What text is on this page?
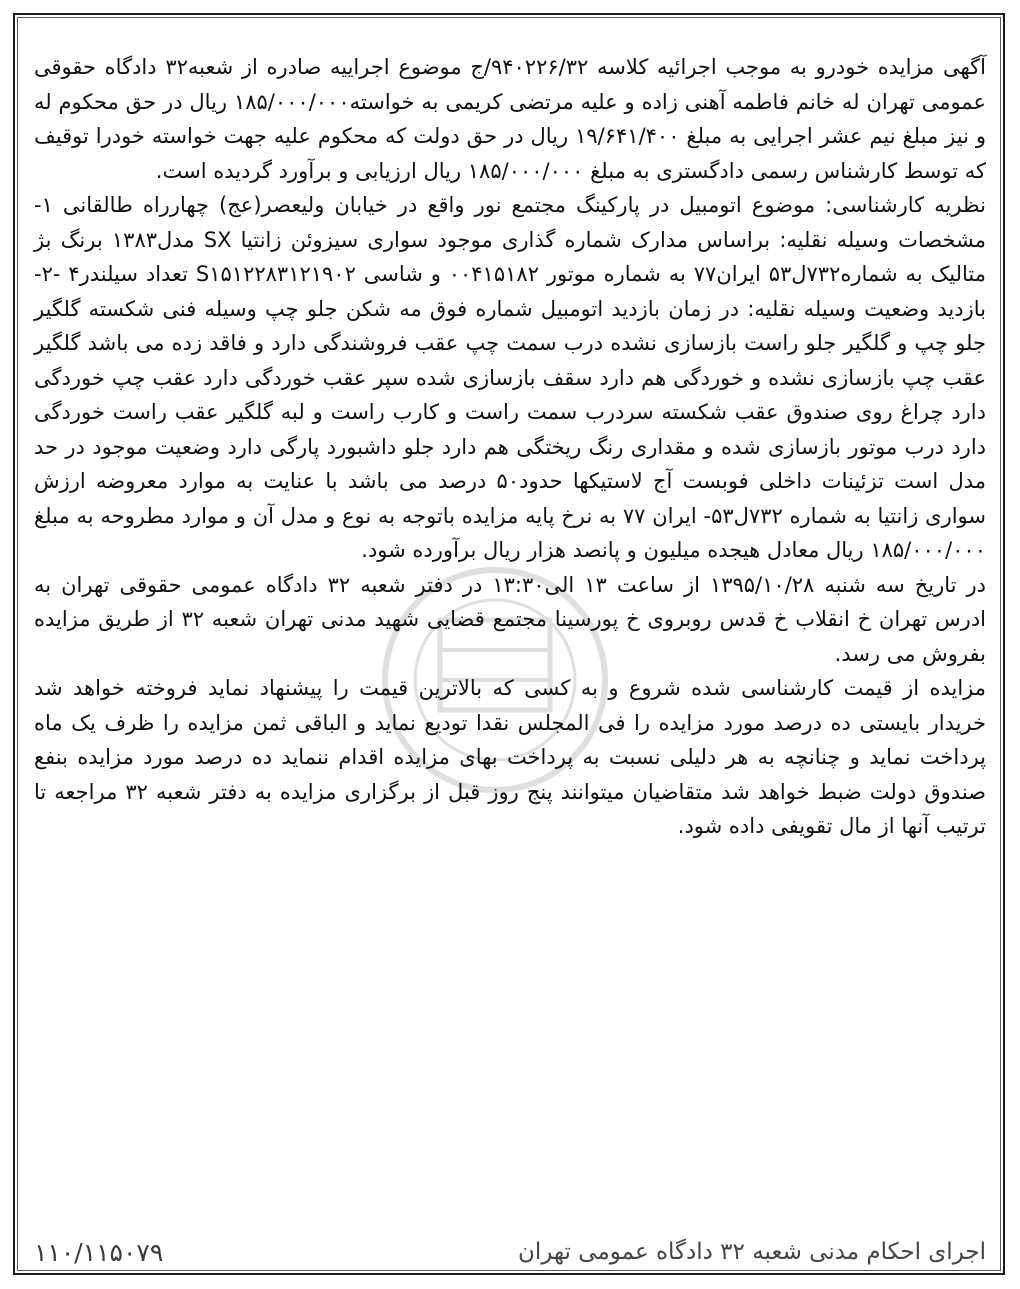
آگهی مزایده خودرو به موجب اجرائیه کلاسه ۹۴۰۲۲۶/۳۲/ج موضوع اجراییه صادره از شعبه۳۲ دادگاه حقوقی عمومی تهران له خانم فاطمه آهنی زاده و علیه مرتضی کریمی به خواسته۱۸۵/۰۰۰/۰۰۰ ریال در حق محکوم له و نیز مبلغ نیم عشر اجرایی به مبلغ ۱۹/۶۴۱/۴۰۰ ریال در حق دولت که محکوم علیه جهت خواسته خودرا توقیف که توسط کارشناس رسمی دادگستری به مبلغ ۱۸۵/۰۰۰/۰۰۰ ریال ارزیابی و برآورد گردیده است.

نظریه کارشناسی: موضوع اتومبیل در پارکینگ مجتمع نور واقع در خیابان ولیعصر(عج) چهارراه طالقانی ۱-مشخصات وسیله نقلیه: براساس مدارک شماره گذاری موجود سواری سیزوئن زانتیا SX مدل۱۳۸۳ برنگ بژ متالیک به شماره۷۳۲ل۵۳ ایران۷۷ به شماره موتور ۰۰۴۱۵۱۸۲ و شاسی S۱۵۱۲۲۸۳۱۲۱۹۰۲ تعداد سیلندر۴ -۲-بازدید وضعیت وسیله نقلیه: در زمان بازدید اتومبیل شماره فوق مه شکن جلو چپ وسیله فنی شکسته گلگیر جلو چپ و گلگیر جلو راست بازسازی نشده درب سمت چپ عقب فروشندگی دارد و فاقد زده می باشد گلگیر عقب چپ بازسازی نشده و خوردگی هم دارد سقف بازسازی شده سپر عقب خوردگی دارد عقب چپ خوردگی دارد چراغ روی صندوق عقب شکسته سردرب سمت راست و کارب راست و لبه گلگیر عقب راست خوردگی دارد درب موتور بازسازی شده و مقداری رنگ ریختگی هم دارد جلو داشبورد پارگی دارد وضعیت موجود در حد مدل است تزئینات داخلی فوبست آج لاستیکها حدود۵۰ درصد می باشد با عنایت به موارد معروضه ارزش سواری زانتیا به شماره ۷۳۲ل۵۳- ایران ۷۷ به نرخ پایه مزایده باتوجه به نوع و مدل آن و موارد مطروحه به مبلغ ۱۸۵/۰۰۰/۰۰۰ ریال معادل هیجده میلیون و پانصد هزار ریال برآورده شود.

در تاریخ سه شنبه ۱۳۹۵/۱۰/۲۸ از ساعت ۱۳ الی۱۳:۳۰ در دفتر شعبه ۳۲ دادگاه عمومی حقوقی تهران به ادرس تهران خ انقلاب خ قدس روبروی خ پورسینا مجتمع قضایی شهید مدنی تهران شعبه ۳۲ از طریق مزایده بفروش می رسد.

مزایده از قیمت کارشناسی شده شروع و به کسی که بالاترین قیمت را پیشنهاد نماید فروخته خواهد شد خریدار بایستی ده درصد مورد مزایده را فی المجلس نقدا تودیع نماید و الباقی ثمن مزایده را ظرف یک ماه پرداخت نماید و چنانچه به هر دلیلی نسبت به پرداخت بهای مزایده اقدام ننماید ده درصد مورد مزایده بنفع صندوق دولت ضبط خواهد شد متقاضیان میتوانند پنج روز قبل از برگزاری مزایده به دفتر شعبه ۳۲ مراجعه تا ترتیب آنها از مال تقویفی داده شود.

اجرای احکام مدنی شعبه ۳۲ دادگاه عمومی تهران
۱۱۰/۱۱۵۰۷۹
